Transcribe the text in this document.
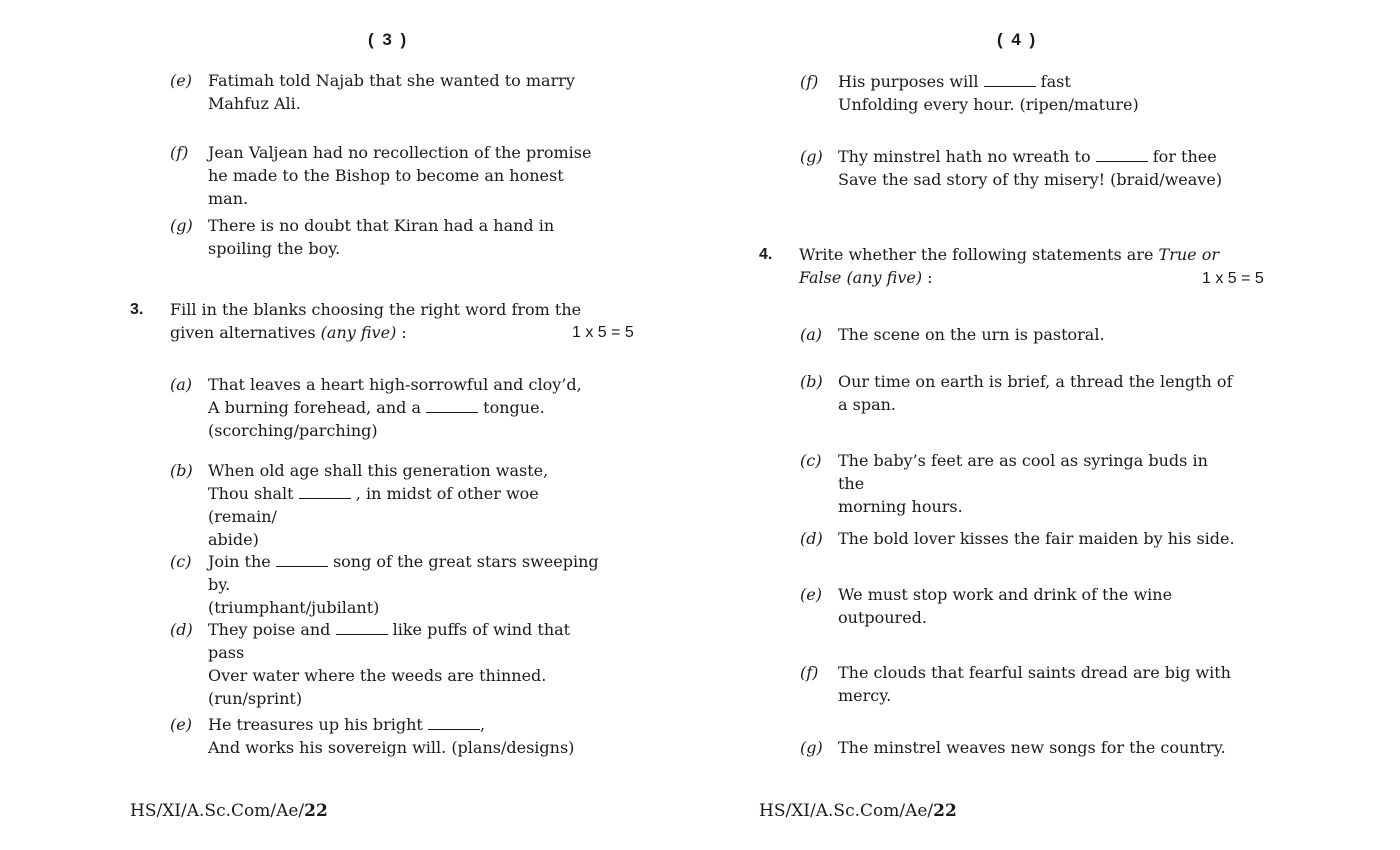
( 3 )
(e) Fatimah told Najab that she wanted to marry
Mahfuz Ali.
(f) Jean Valjean had no recollection of the promise
he made to the Bishop to become an honest man.
(g) There is no doubt that Kiran had a hand in
spoiling the boy.
3. Fill in the blanks choosing the right word from the
given alternatives (any five) :	1 x 5 = 5
(a) That leaves a heart high-sorrowful and cloy’d,
A burning forehead, and a	tongue.
(scorching/parching)
(b) When old age shall this generation waste,
Thou shalt	, in midst of other woe (remain/
abide)
(c) Join the	song of the great stars sweeping by.
(triumphant/jubilant)
(d) They poise and	like puffs of wind that pass
Over water where the weeds are thinned.
(run/sprint)
(e) He treasures up his bright	,
And works his sovereign will. (plans/designs)
HS/XI/A.Sc.Com/Ae/22
( 4 )
(f) His purposes will	fast
Unfolding every hour. (ripen/mature)
(g) Thy minstrel hath no wreath to	for thee
Save the sad story of thy misery! (braid/weave)
4. Write whether the following statements are True or
False (any five) :	1 x 5 = 5
(a) The scene on the urn is pastoral.
(b) Our time on earth is brief, a thread the length of
a span.
(c) The baby’s feet are as cool as syringa buds in the
morning hours.
(d) The bold lover kisses the fair maiden by his side.
(e) We must stop work and drink of the wine
outpoured.
(f) The clouds that fearful saints dread are big with
mercy.
(g) The minstrel weaves new songs for the country.
HS/XI/A.Sc.Com/Ae/22
